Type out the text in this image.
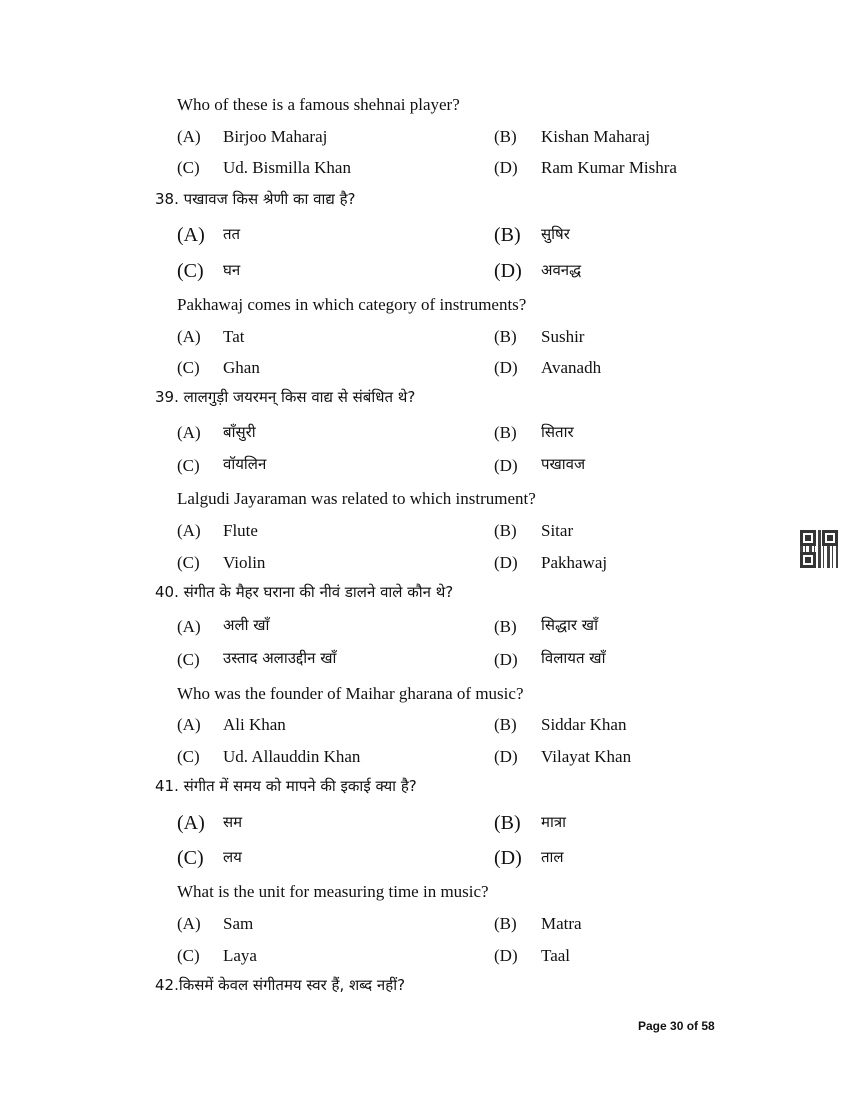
Who of these is a famous shehnai player?
(A) Birjoo Maharaj	(B) Kishan Maharaj
(C) Ud. Bismilla Khan	(D) Ram Kumar Mishra
38. पखावज किस श्रेणी का वाद्य है?
(A) तत	(B) सुषिर
(C) घन	(D) अवनद्ध
Pakhawaj comes in which category of instruments?
(A) Tat	(B) Sushir
(C) Ghan	(D) Avanadh
39. लालगुड़ी जयरमन् किस वाद्य से संबंधित थे?
(A) बाँसुरी	(B) सितार
(C) वॉयलिन	(D) पखावज
Lalgudi Jayaraman was related to which instrument?
(A) Flute	(B) Sitar
(C) Violin	(D) Pakhawaj
40. संगीत के मैहर घराना की नीवं डालने वाले कौन थे?
(A) अली खाँ	(B) सिद्धार खाँ
(C) उस्ताद अलाउद्दीन खाँ	(D) विलायत खाँ
Who was the founder of Maihar gharana of music?
(A) Ali Khan	(B) Siddar Khan
(C) Ud. Allauddin Khan	(D) Vilayat Khan
41. संगीत में समय को मापने की इकाई क्या है?
(A) सम	(B) मात्रा
(C) लय	(D) ताल
What is the unit for measuring time in music?
(A) Sam	(B) Matra
(C) Laya	(D) Taal
42.किसमें केवल संगीतमय स्वर हैं, शब्द नहीं?
Page 30 of 58
